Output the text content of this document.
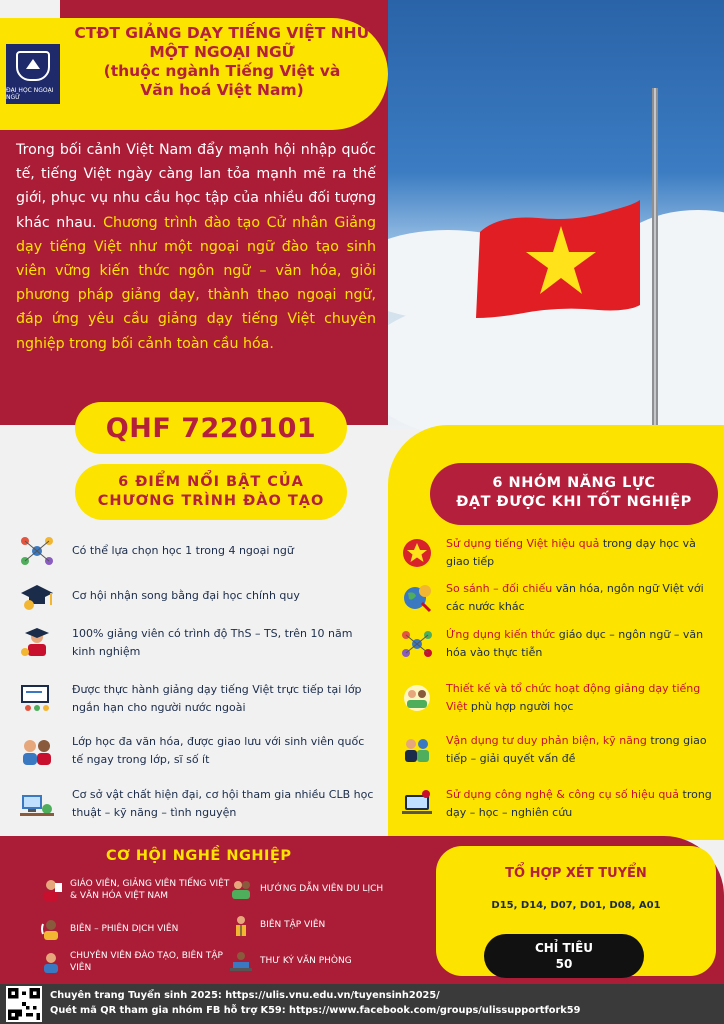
ĐẠI HỌC NGOẠI NGỮ
CTĐT GIẢNG DẠY TIẾNG VIỆT NHƯ
MỘT NGOẠI NGỮ
(thuộc ngành Tiếng Việt và
Văn hoá Việt Nam)
Trong bối cảnh Việt Nam đẩy mạnh hội nhập quốc tế, tiếng Việt ngày càng lan tỏa mạnh mẽ ra thế giới, phục vụ nhu cầu học tập của nhiều đối tượng khác nhau. Chương trình đào tạo Cử nhân Giảng dạy tiếng Việt như một ngoại ngữ đào tạo sinh viên vững kiến thức ngôn ngữ – văn hóa, giỏi phương pháp giảng dạy, thành thạo ngoại ngữ, đáp ứng yêu cầu giảng dạy tiếng Việt chuyên nghiệp trong bối cảnh toàn cầu hóa.
QHF 7220101
6 ĐIỂM NỔI BẬT CỦA
CHƯƠNG TRÌNH ĐÀO TẠO
Có thể lựa chọn học 1 trong 4 ngoại ngữ
Cơ hội nhận song bằng đại học chính quy
100% giảng viên có trình độ ThS – TS, trên 10 năm kinh nghiệm
Được thực hành giảng dạy tiếng Việt trực tiếp tại lớp ngắn hạn cho người nước ngoài
Lớp học đa văn hóa, được giao lưu với sinh viên quốc tế ngay trong lớp, sĩ số ít
Cơ sở vật chất hiện đại, cơ hội tham gia nhiều CLB học thuật – kỹ năng – tình nguyện
6 NHÓM NĂNG LỰC
ĐẠT ĐƯỢC KHI TỐT NGHIỆP
Sử dụng tiếng Việt hiệu quả trong dạy học và giao tiếp
So sánh – đối chiếu văn hóa, ngôn ngữ Việt với các nước khác
Ứng dụng kiến thức giáo dục – ngôn ngữ – văn hóa vào thực tiễn
Thiết kế và tổ chức hoạt động giảng dạy tiếng Việt phù hợp người học
Vận dụng tư duy phản biện, kỹ năng trong giao tiếp – giải quyết vấn đề
Sử dụng công nghệ & công cụ số hiệu quả trong dạy – học – nghiên cứu
CƠ HỘI NGHỀ NGHIỆP
GIÁO VIÊN, GIẢNG VIÊN TIẾNG VIỆT & VĂN HÓA VIỆT NAM
BIÊN – PHIÊN DỊCH VIÊN
CHUYÊN VIÊN ĐÀO TẠO, BIÊN TẬP VIÊN
HƯỚNG DẪN VIÊN DU LỊCH
BIÊN TẬP VIÊN
THƯ KÝ VĂN PHÒNG
TỔ HỢP XÉT TUYỂN
D15, D14, D07, D01, D08, A01
CHỈ TIÊU
50
Chuyên trang Tuyển sinh 2025: https://ulis.vnu.edu.vn/tuyensinh2025/
Quét mã QR tham gia nhóm FB hỗ trợ K59: https://www.facebook.com/groups/ulissupportfork59
